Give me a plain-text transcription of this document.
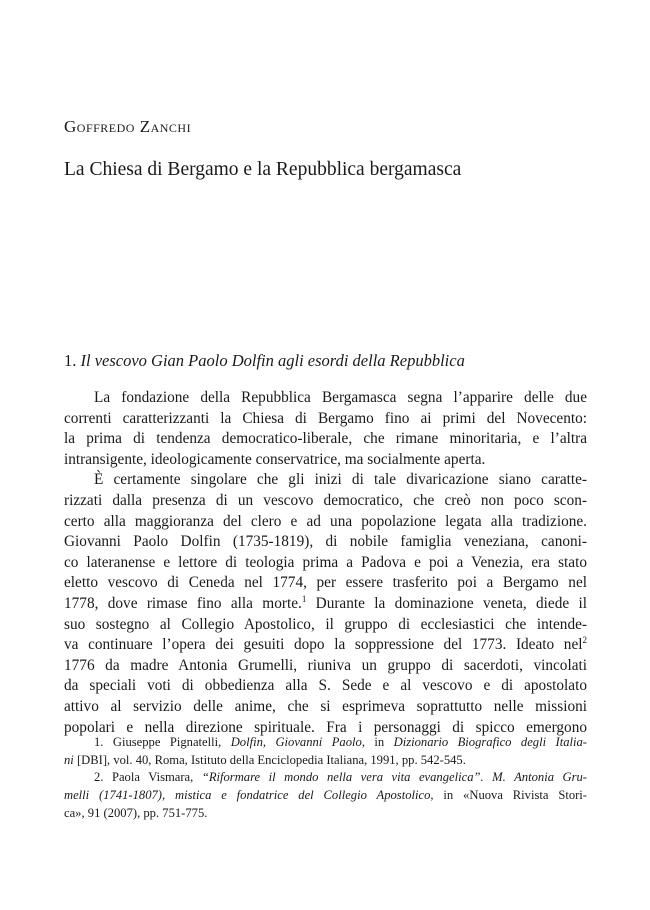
Goffredo Zanchi
La Chiesa di Bergamo e la Repubblica bergamasca
1. Il vescovo Gian Paolo Dolfin agli esordi della Repubblica
La fondazione della Repubblica Bergamasca segna l’apparire delle due
correnti caratterizzanti la Chiesa di Bergamo fino ai primi del Novecento:
la prima di tendenza democratico-liberale, che rimane minoritaria, e l’altra
intransigente, ideologicamente conservatrice, ma socialmente aperta.
È certamente singolare che gli inizi di tale divaricazione siano caratte-
rizzati dalla presenza di un vescovo democratico, che creò non poco scon-
certo alla maggioranza del clero e ad una popolazione legata alla tradizione.
Giovanni Paolo Dolfin (1735-1819), di nobile famiglia veneziana, canoni-
co lateranense e lettore di teologia prima a Padova e poi a Venezia, era stato
eletto vescovo di Ceneda nel 1774, per essere trasferito poi a Bergamo nel
1778, dove rimase fino alla morte.$^1$ Durante la dominazione veneta, diede il
suo sostegno al Collegio Apostolico, il gruppo di ecclesiastici che intende-
va continuare l’opera dei gesuiti dopo la soppressione del 1773. Ideato nel$^2$
1776 da madre Antonia Grumelli, riuniva un gruppo di sacerdoti, vincolati
da speciali voti di obbedienza alla S. Sede e al vescovo e di apostolato
attivo al servizio delle anime, che si esprimeva soprattutto nelle missioni
popolari e nella direzione spirituale. Fra i personaggi di spicco emergono
1. Giuseppe Pignatelli, Dolfin, Giovanni Paolo, in Dizionario Biografico degli Italia-
ni [DBI], vol. 40, Roma, Istituto della Enciclopedia Italiana, 1991, pp. 542-545.
2. Paola Vismara, “Riformare il mondo nella vera vita evangelica”. M. Antonia Gru-
melli (1741-1807), mistica e fondatrice del Collegio Apostolico, in «Nuova Rivista Stori-
ca», 91 (2007), pp. 751-775.
